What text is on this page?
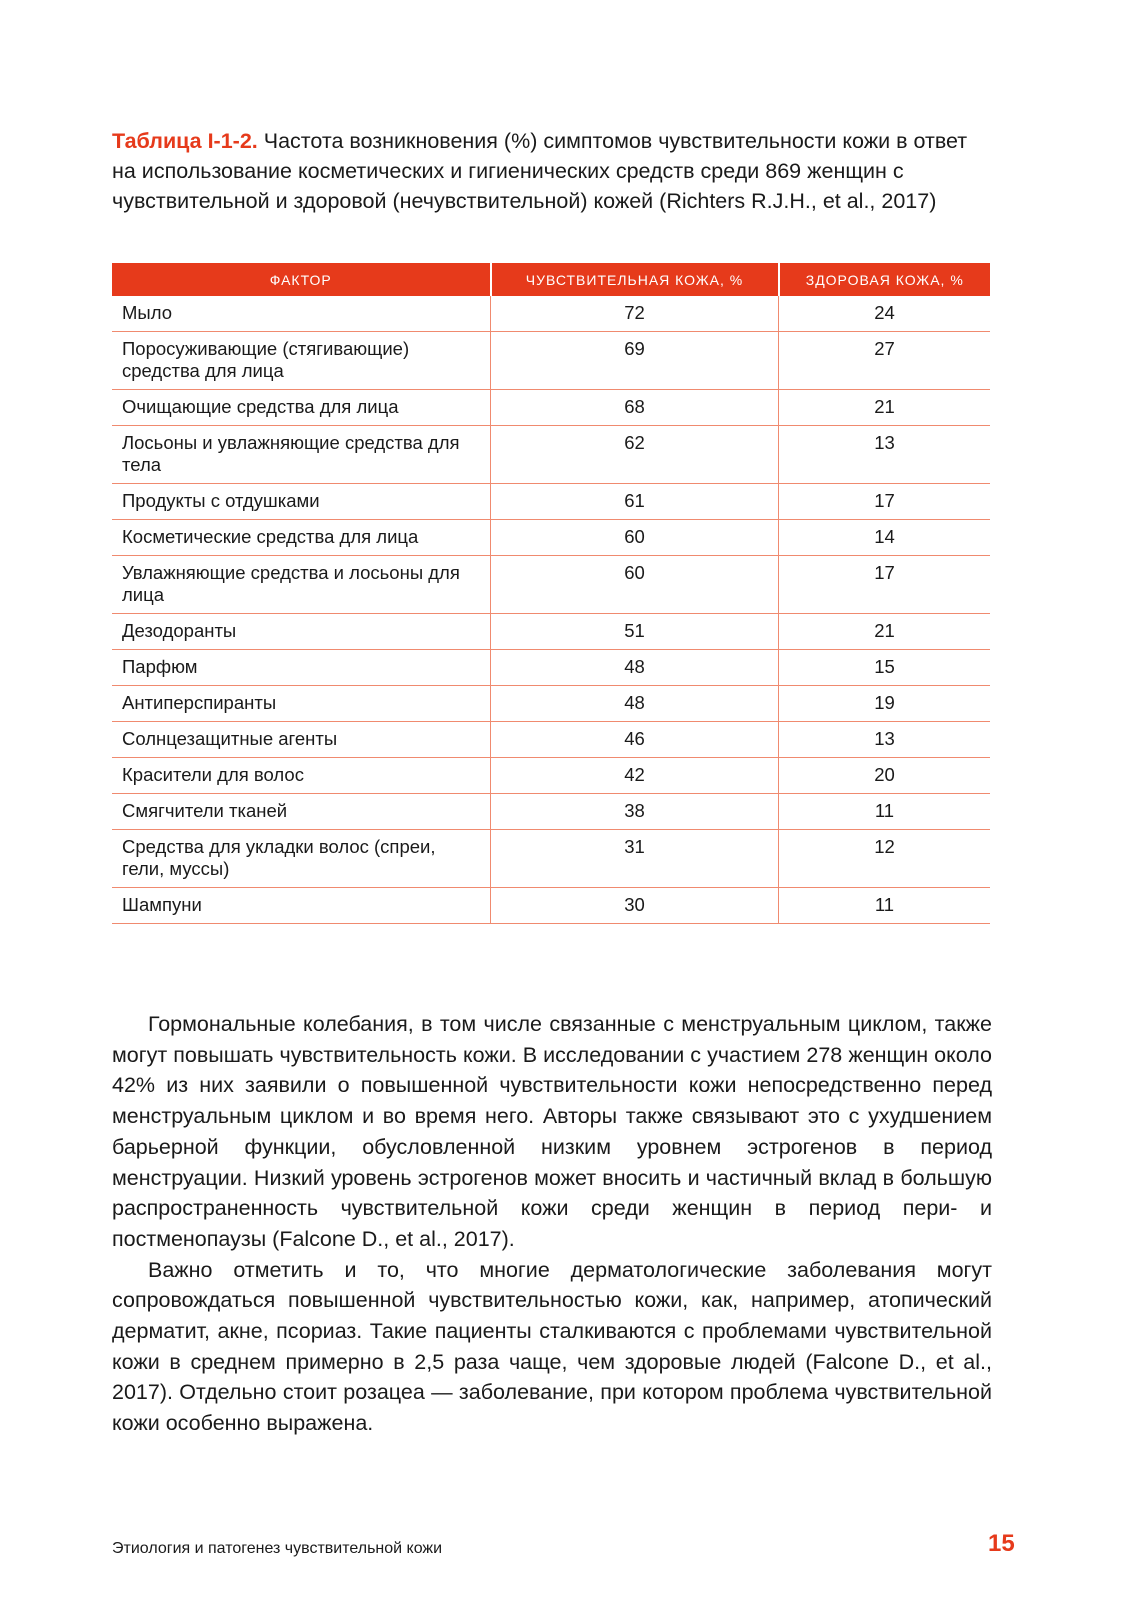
Таблица I-1-2. Частота возникновения (%) симптомов чувствительности кожи в ответ на использование косметических и гигиенических средств среди 869 женщин с чувствительной и здоровой (нечувствительной) кожей (Richters R.J.H., et al., 2017)
ФАКТОР	ЧУВСТВИТЕЛЬНАЯ КОЖА, %	ЗДОРОВАЯ КОЖА, %
Мыло	72	24
Поросуживающие (стягивающие) средства для лица	69	27
Очищающие средства для лица	68	21
Лосьоны и увлажняющие средства для тела	62	13
Продукты с отдушками	61	17
Косметические средства для лица	60	14
Увлажняющие средства и лосьоны для лица	60	17
Дезодоранты	51	21
Парфюм	48	15
Антиперспиранты	48	19
Солнцезащитные агенты	46	13
Красители для волос	42	20
Смягчители тканей	38	11
Средства для укладки волос (спреи, гели, муссы)	31	12
Шампуни	30	11

Гормональные колебания, в том числе связанные с менструальным циклом, также могут повышать чувствительность кожи. В исследовании с участием 278 женщин около 42% из них заявили о повышенной чувствительности кожи непосредственно перед менструальным циклом и во время него. Авторы также связывают это с ухудшением барьерной функции, обусловленной низким уровнем эстрогенов в период менструации. Низкий уровень эстрогенов может вносить и частичный вклад в большую распространенность чувствительной кожи среди женщин в период пери- и постменопаузы (Falcone D., et al., 2017).

Важно отметить и то, что многие дерматологические заболевания могут сопровождаться повышенной чувствительностью кожи, как, например, атопический дерматит, акне, псориаз. Такие пациенты сталкиваются с проблемами чувствительной кожи в среднем примерно в 2,5 раза чаще, чем здоровые людей (Falcone D., et al., 2017). Отдельно стоит розацеа — заболевание, при котором проблема чувствительной кожи особенно выражена.

Этиология и патогенез чувствительной кожи	15
